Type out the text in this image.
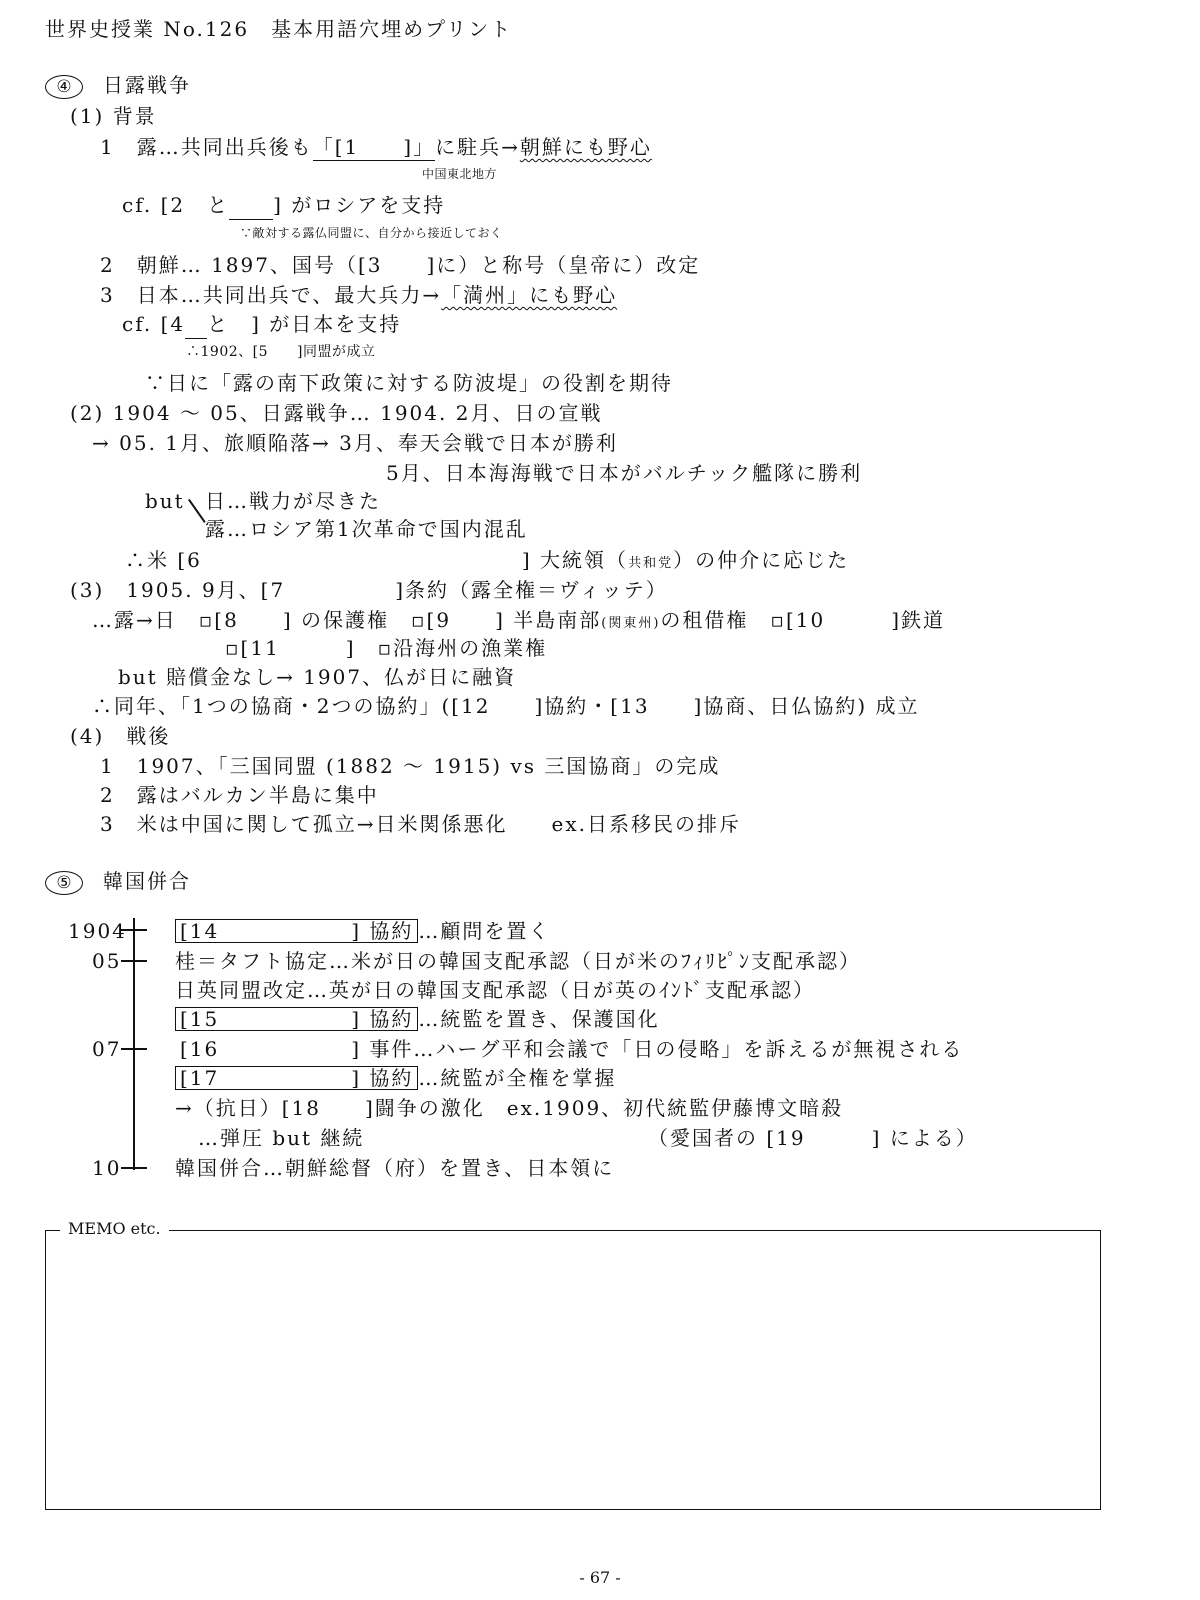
世界史授業 No.126　基本用語穴埋めプリント
④ 日露戦争
(1) 背景
1　露…共同出兵後も「[1　　]」に駐兵→朝鮮にも野心
中国東北地方
cf. [2　と　　 ] がロシアを支持
∵敵対する露仏同盟に、自分から接近しておく
2　朝鮮… 1897、国号（[3　　]に）と称号（皇帝に）改定
3　日本…共同出兵で、最大兵力→「満州」にも野心
cf. [4　 と　] が日本を支持
∴1902、[5　　]同盟が成立
∵日に「露の南下政策に対する防波堤」の役割を期待
(2) 1904 ～ 05、日露戦争… 1904. 2月、日の宣戦
→ 05. 1月、旅順陥落→ 3月、奉天会戦で日本が勝利
5月、日本海海戦で日本がバルチック艦隊に勝利
but 日…戦力が尽きた
露…ロシア第1次革命で国内混乱
∴米 [6	] 大統領（共和党）の仲介に応じた
(3)　1905. 9月、[7　　　　　]条約（露全権＝ヴィッテ）
…露→日　▫[8　　] の保護権　▫[9　　] 半島南部(関東州)の租借権　▫[10　　　]鉄道
▫[11　　　]　▫沿海州の漁業権
but 賠償金なし→ 1907、仏が日に融資
∴同年、「1つの協商・2つの協約」([12　　]協約・[13　　]協商、日仏協約) 成立
(4)　戦後
1　1907、「三国同盟 (1882 ～ 1915) vs 三国協商」の完成
2　露はバルカン半島に集中
3　米は中国に関して孤立→日米関係悪化　　ex.日系移民の排斥
⑤ 韓国併合
1904
05
07
10
[14　　　　　　] 協約 …顧問を置く
桂＝タフト協定…米が日の韓国支配承認（日が米のﾌｨﾘﾋﾟﾝ支配承認）
日英同盟改定…英が日の韓国支配承認（日が英のｲﾝﾄﾞ支配承認）
[15　　　　　　] 協約 …統監を置き、保護国化
[16　　　　　　] 事件…ハーグ平和会議で「日の侵略」を訴えるが無視される
[17　　　　　　] 協約 …統監が全権を掌握
→（抗日）[18　　]闘争の激化　ex.1909、初代統監伊藤博文暗殺
…弾圧 but 継続	（愛国者の [19　　　] による）
韓国併合…朝鮮総督（府）を置き、日本領に
MEMO etc.
- 67 -
